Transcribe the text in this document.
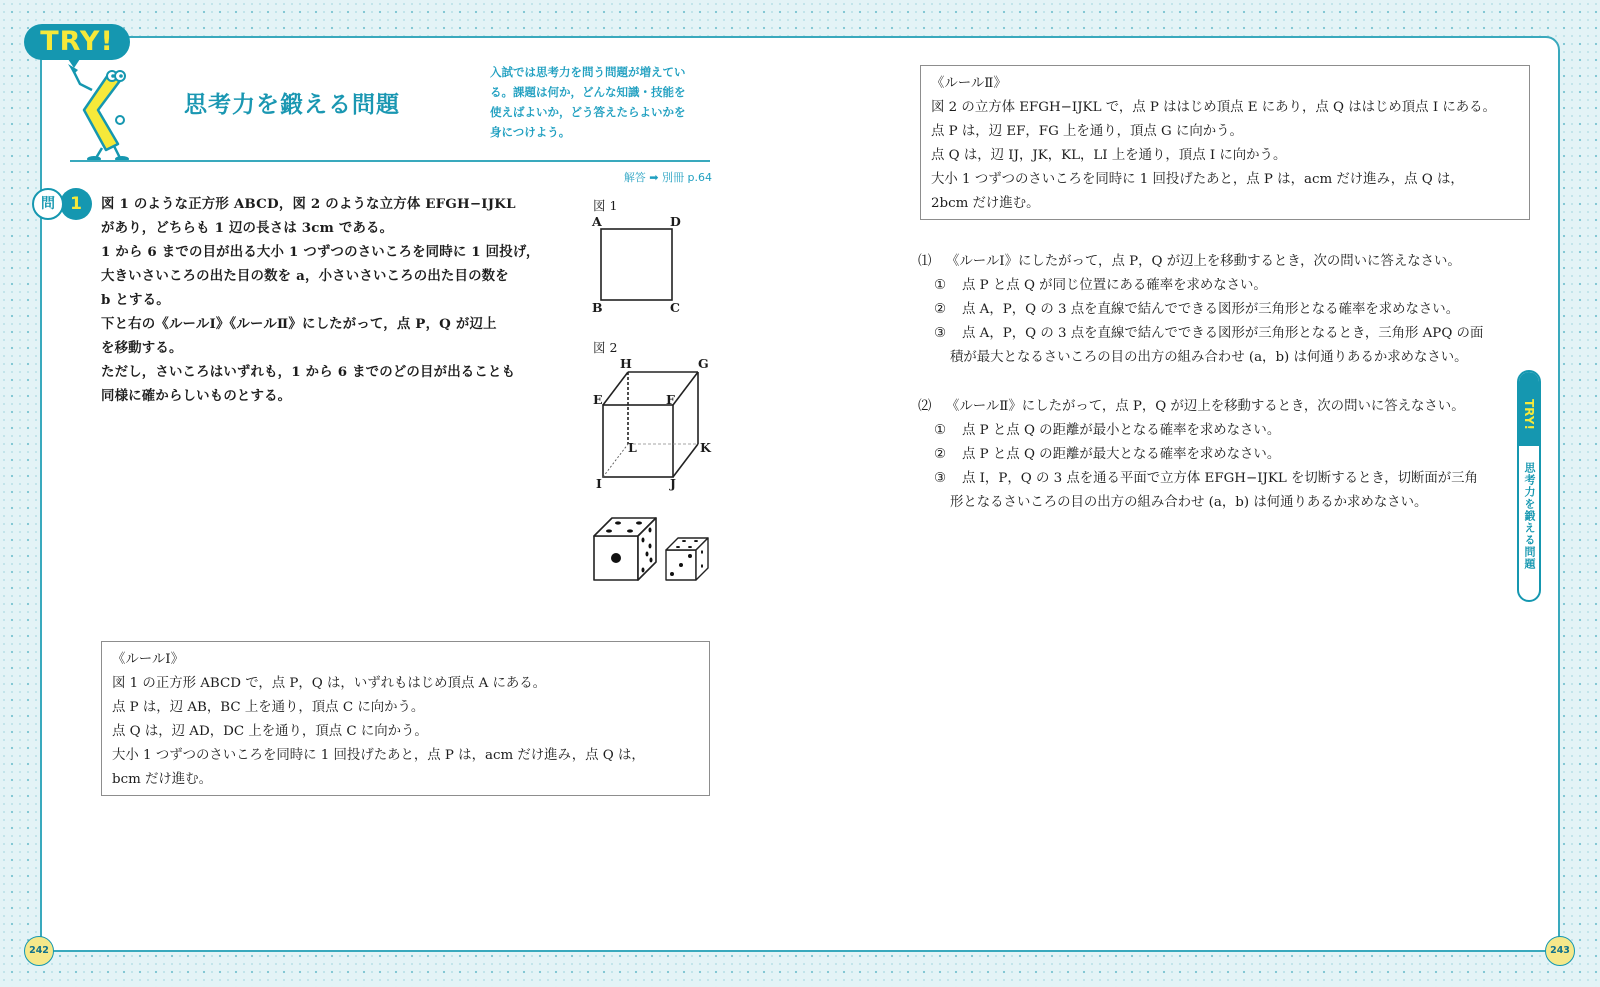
TRY!
思考力を鍛える問題
入試では思考力を問う問題が増えてい
る。課題は何か，どんな知識・技能を
使えばよいか，どう答えたらよいかを
身につけよう。
解答 ➡ 別冊 p.64
問 1	図 1 のような正方形 ABCD，図 2 のような立方体 EFGH−IJKL

があり，どちらも 1 辺の長さは 3cm である。

1 から 6 までの目が出る大小 1 つずつのさいころを同時に 1 回投げ，

大きいさいころの出た目の数を a，小さいさいころの出た目の数を

b とする。

下と右の《ルールⅠ》《ルールⅡ》にしたがって，点 P，Q が辺上

を移動する。

ただし，さいころはいずれも，1 から 6 までのどの目が出ることも

同様に確からしいものとする。

図 1
A	D
B	C
図 2
H	G
E	F
L	K
I	J

《ルールⅠ》

図 1 の正方形 ABCD で，点 P，Q は，いずれもはじめ頂点 A にある。

点 P は，辺 AB，BC 上を通り，頂点 C に向かう。

点 Q は，辺 AD，DC 上を通り，頂点 C に向かう。

大小 1 つずつのさいころを同時に 1 回投げたあと，点 P は，acm だけ進み，点 Q は，

bcm だけ進む。

《ルールⅡ》

図 2 の立方体 EFGH−IJKL で，点 P ははじめ頂点 E にあり，点 Q ははじめ頂点 I にある。

点 P は，辺 EF，FG 上を通り，頂点 G に向かう。

点 Q は，辺 IJ，JK，KL，LI 上を通り，頂点 I に向かう。

大小 1 つずつのさいころを同時に 1 回投げたあと，点 P は，acm だけ進み，点 Q は，

2bcm だけ進む。

⑴ 《ルールⅠ》にしたがって，点 P，Q が辺上を移動するとき，次の問いに答えなさい。

① 点 P と点 Q が同じ位置にある確率を求めなさい。

② 点 A，P，Q の 3 点を直線で結んでできる図形が三角形となる確率を求めなさい。

③ 点 A，P，Q の 3 点を直線で結んでできる図形が三角形となるとき，三角形 APQ の面

積が最大となるさいころの目の出方の組み合わせ (a，b) は何通りあるか求めなさい。

⑵ 《ルールⅡ》にしたがって，点 P，Q が辺上を移動するとき，次の問いに答えなさい。

① 点 P と点 Q の距離が最小となる確率を求めなさい。

② 点 P と点 Q の距離が最大となる確率を求めなさい。

③ 点 I，P，Q の 3 点を通る平面で立方体 EFGH−IJKL を切断するとき，切断面が三角

形となるさいころの目の出方の組み合わせ (a，b) は何通りあるか求めなさい。

TRY!
思考力を鍛える問題
242	243
